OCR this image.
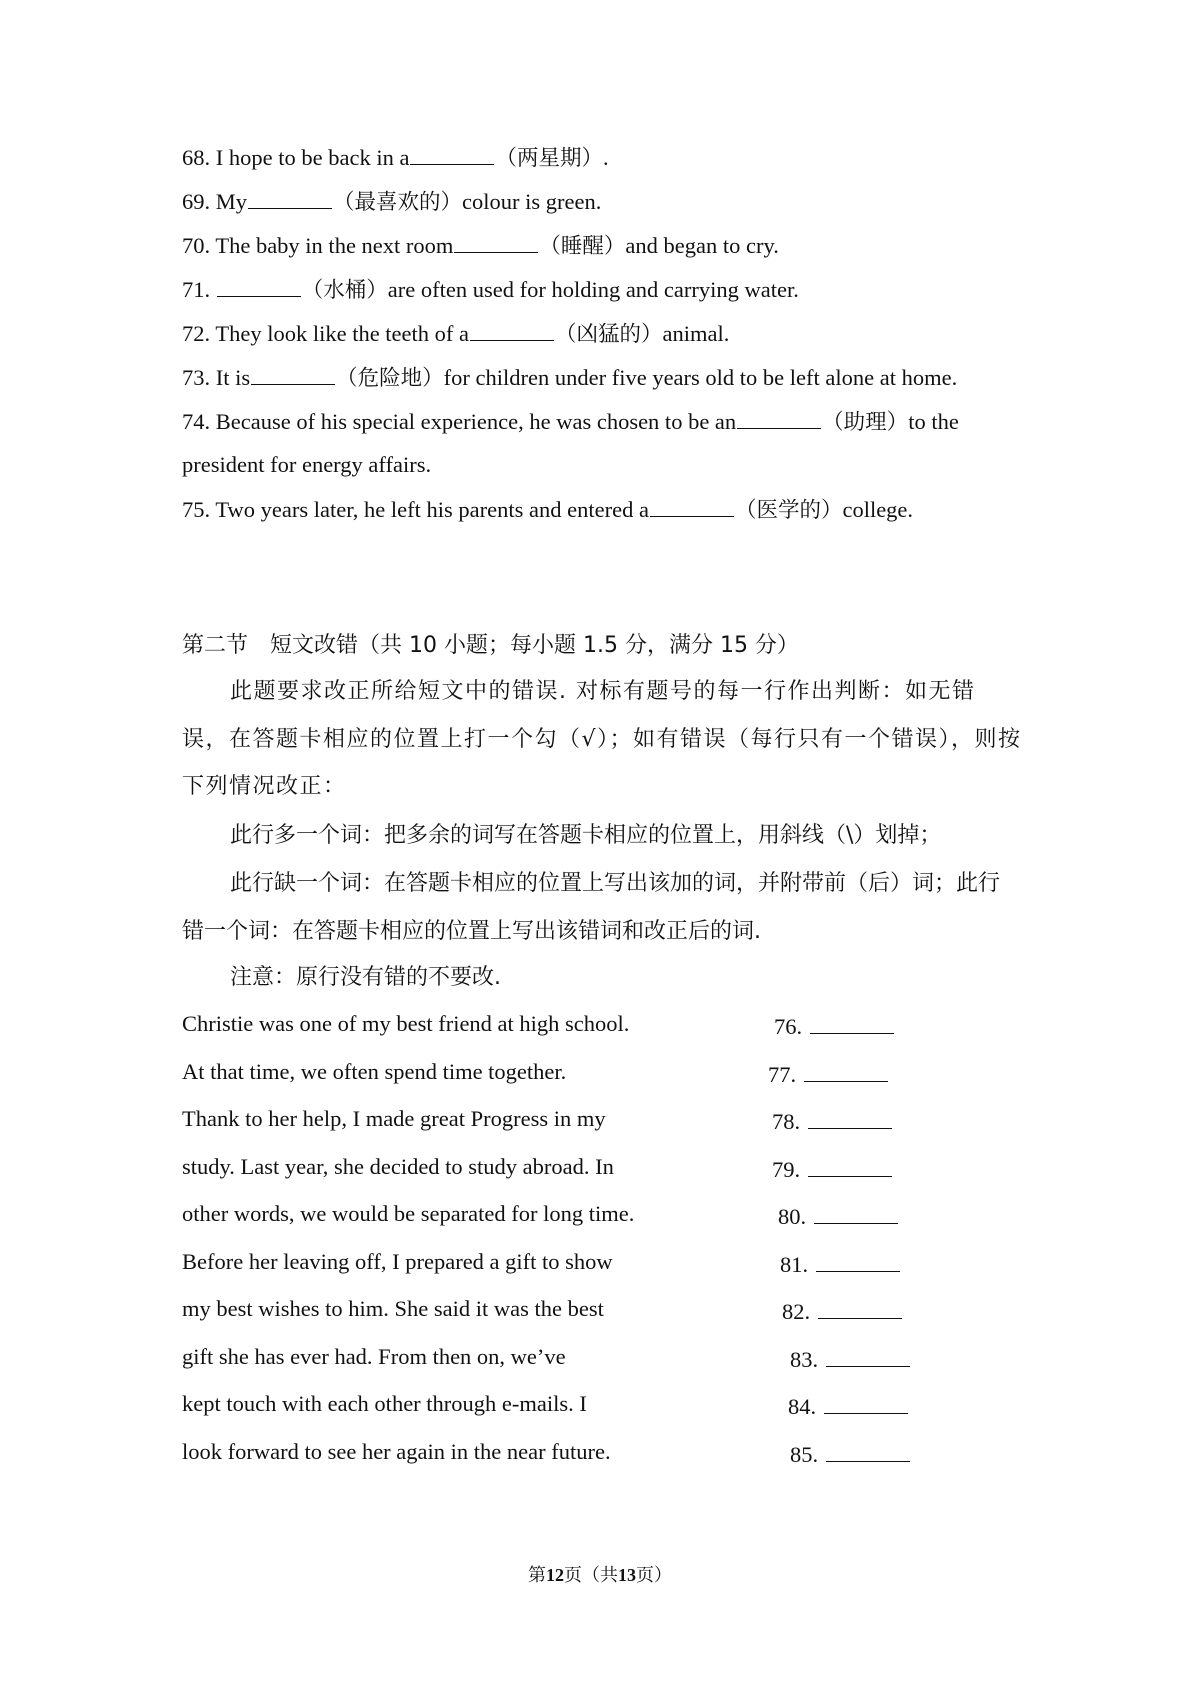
68. I hope to be back in a	（两星期）.
69. My	（最喜欢的）colour is green.
70. The baby in the next room	（睡醒）and began to cry.
71.	（水桶）are often used for holding and carrying water.
72. They look like the teeth of a	（凶猛的）animal.
73. It is	（危险地）for children under five years old to be left alone at home.
74. Because of his special experience, he was chosen to be an	（助理）to the
president for energy affairs.
75. Two years later, he left his parents and entered a	（医学的）college.
第二节　短文改错（共 10 小题；每小题 1.5 分，满分 15 分）
此题要求改正所给短文中的错误. 对标有题号的每一行作出判断：如无错误，在答题卡相应的位置上打一个勾（√）；如有错误（每行只有一个错误），则按下列情况改正：
此行多一个词：把多余的词写在答题卡相应的位置上，用斜线（\）划掉；
此行缺一个词：在答题卡相应的位置上写出该加的词，并附带前（后）词；此行错一个词：在答题卡相应的位置上写出该错词和改正后的词.
注意：原行没有错的不要改.
Christie was one of my best friend at high school.	76.
At that time, we often spend time together.	77.
Thank to her help, I made great Progress in my	78.
study. Last year, she decided to study abroad. In	79.
other words, we would be separated for long time.	80.
Before her leaving off, I prepared a gift to show	81.
my best wishes to him. She said it was the best	82.
gift she has ever had. From then on, we’ve	83.
kept touch with each other through e-mails. I	84.
look forward to see her again in the near future.	85.
第12页（共13页）
